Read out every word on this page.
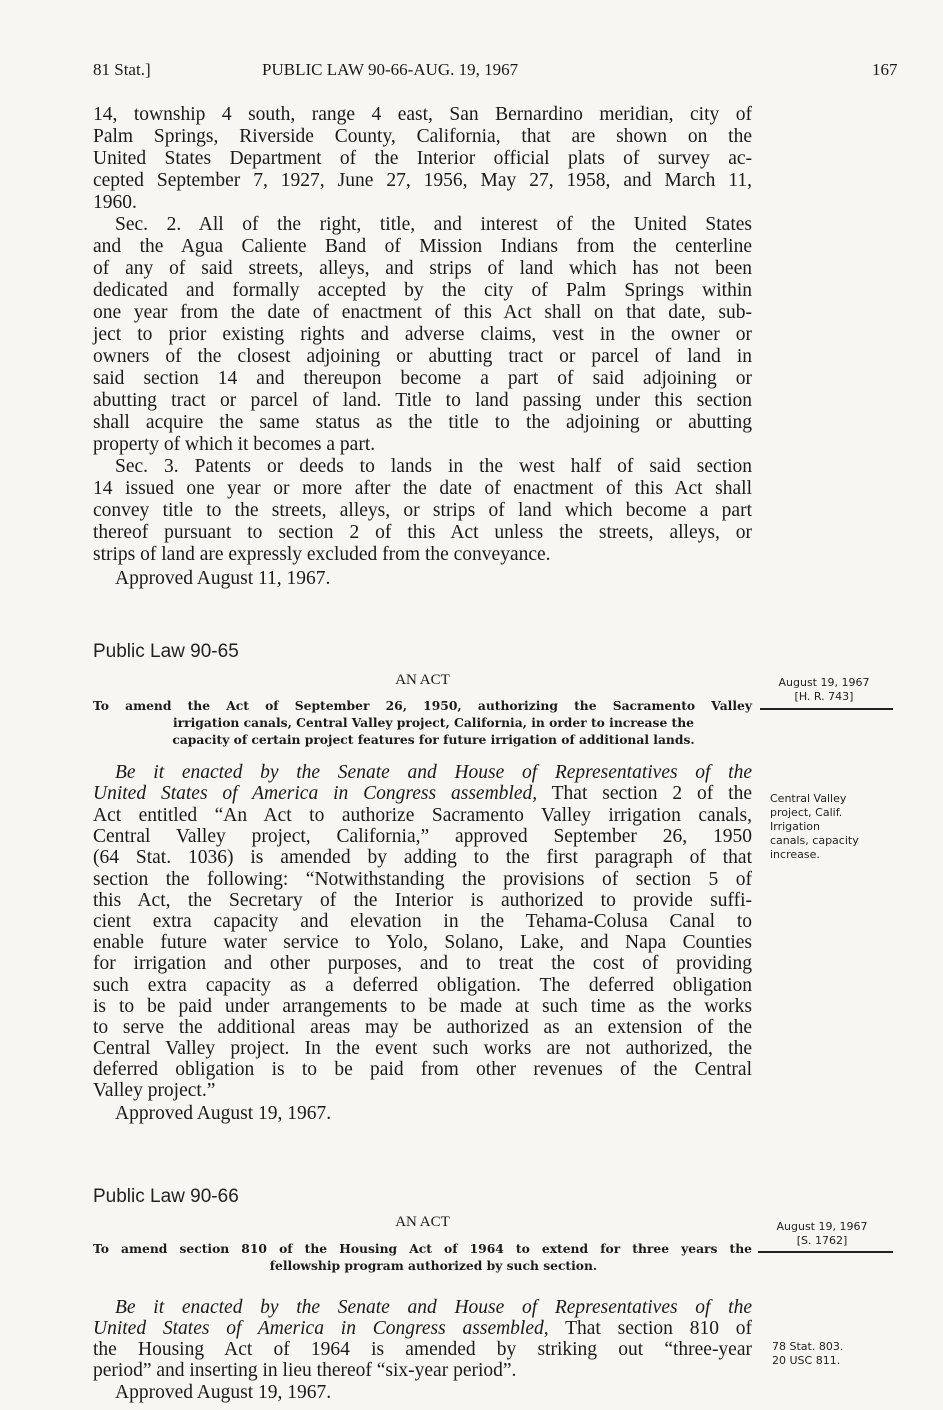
81 Stat.]	PUBLIC LAW 90-66-AUG. 19, 1967	167
14, township 4 south, range 4 east, San Bernardino meridian, city of
Palm Springs, Riverside County, California, that are shown on the
United States Department of the Interior official plats of survey ac-
cepted September 7, 1927, June 27, 1956, May 27, 1958, and March 11,
1960.
Sec. 2. All of the right, title, and interest of the United States
and the Agua Caliente Band of Mission Indians from the centerline
of any of said streets, alleys, and strips of land which has not been
dedicated and formally accepted by the city of Palm Springs within
one year from the date of enactment of this Act shall on that date, sub-
ject to prior existing rights and adverse claims, vest in the owner or
owners of the closest adjoining or abutting tract or parcel of land in
said section 14 and thereupon become a part of said adjoining or
abutting tract or parcel of land. Title to land passing under this section
shall acquire the same status as the title to the adjoining or abutting
property of which it becomes a part.
Sec. 3. Patents or deeds to lands in the west half of said section
14 issued one year or more after the date of enactment of this Act shall
convey title to the streets, alleys, or strips of land which become a part
thereof pursuant to section 2 of this Act unless the streets, alleys, or
strips of land are expressly excluded from the conveyance.
Approved August 11, 1967.
Public Law 90-65
AN ACT
To amend the Act of September 26, 1950, authorizing the Sacramento Valley
irrigation canals, Central Valley project, California, in order to increase the
capacity of certain project features for future irrigation of additional lands.
August 19, 1967
[H. R. 743]
Central Valley
project, Calif.
Irrigation
canals, capacity
increase.
Be it enacted by the Senate and House of Representatives of the
United States of America in Congress assembled, That section 2 of the
Act entitled “An Act to authorize Sacramento Valley irrigation canals,
Central Valley project, California,” approved September 26, 1950
(64 Stat. 1036) is amended by adding to the first paragraph of that
section the following: “Notwithstanding the provisions of section 5 of
this Act, the Secretary of the Interior is authorized to provide suffi-
cient extra capacity and elevation in the Tehama-Colusa Canal to
enable future water service to Yolo, Solano, Lake, and Napa Counties
for irrigation and other purposes, and to treat the cost of providing
such extra capacity as a deferred obligation. The deferred obligation
is to be paid under arrangements to be made at such time as the works
to serve the additional areas may be authorized as an extension of the
Central Valley project. In the event such works are not authorized, the
deferred obligation is to be paid from other revenues of the Central
Valley project.”
Approved August 19, 1967.
Public Law 90-66
AN ACT
To amend section 810 of the Housing Act of 1964 to extend for three years the
fellowship program authorized by such section.
August 19, 1967
[S. 1762]
78 Stat. 803.
20 USC 811.
Be it enacted by the Senate and House of Representatives of the
United States of America in Congress assembled, That section 810 of
the Housing Act of 1964 is amended by striking out “three-year
period” and inserting in lieu thereof “six-year period”.
Approved August 19, 1967.
